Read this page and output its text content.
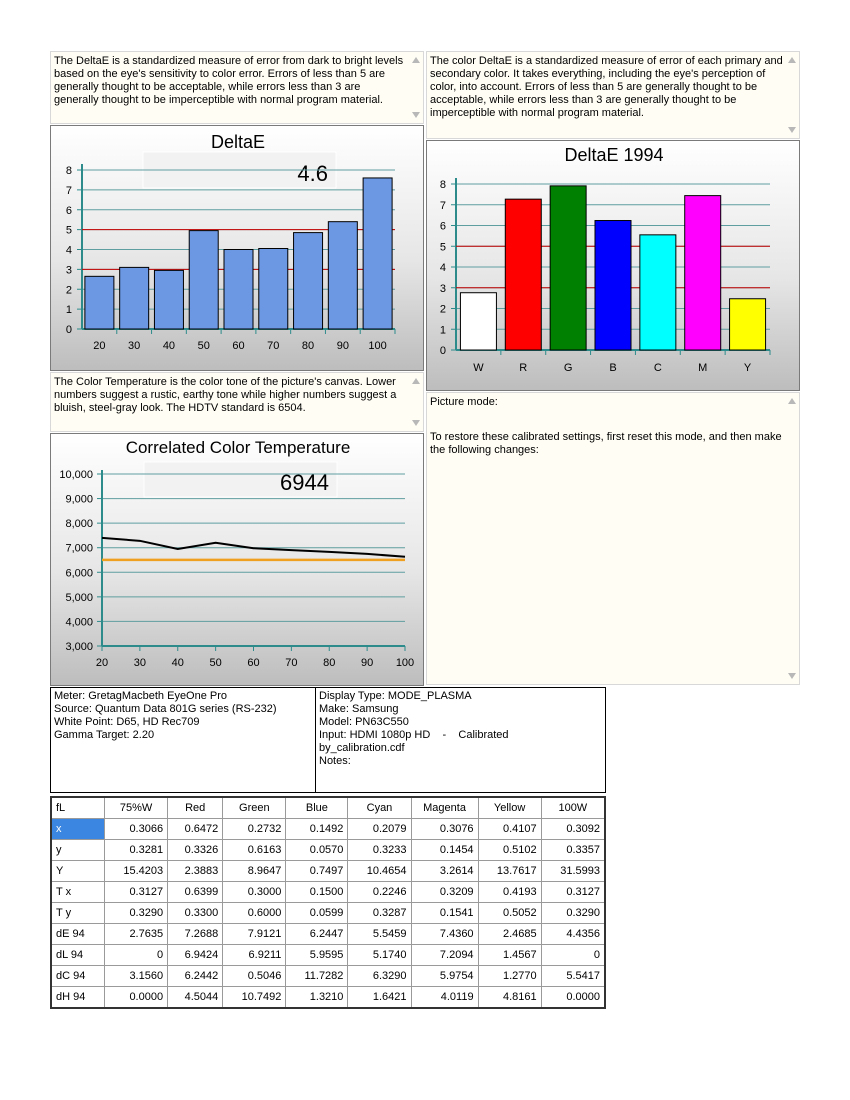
The DeltaE is a standardized measure of error from dark to bright levels based on the eye's sensitivity to color error. Errors of less than 5 are generally thought to be acceptable, while errors less than 3 are generally thought to be imperceptible with normal program material.
The color DeltaE is a standardized measure of error of each primary and secondary color. It takes everything, including the eye's perception of color, into account. Errors of less than 5 are generally thought to be acceptable, while errors less than 3 are generally thought to be imperceptible with normal program material.
The Color Temperature is the color tone of the picture's canvas. Lower numbers suggest a rustic, earthy tone while higher numbers suggest a bluish, steel-gray look. The HDTV standard is 6504.	Picture mode:
To restore these calibrated settings, first reset this mode, and then make the following changes:
DeltaE
4.6
0
1
2
3
4
5
6
7
8
20 30 40 50 60 70 80 90 100
DeltaE 1994
0
1
2
3
4
5
6
7
8
W	R	G	B	C	M	Y
Correlated Color Temperature
6944
3,000
4,000
5,000
6,000
7,000
8,000
9,000
10,000
20 30 40 50 60 70 80 90 100
Meter: GretagMacbeth EyeOne Pro
Source: Quantum Data 801G series (RS-232)
White Point: D65, HD Rec709
Gamma Target: 2.20
Display Type: MODE_PLASMA
Make: Samsung
Model: PN63C550
Input: HDMI 1080p HD    -    Calibrated
by_calibration.cdf
Notes:
fL	75%W	Red	Green	Blue	Cyan	Magenta	Yellow	100W
x	0.3066	0.6472	0.2732	0.1492	0.2079	0.3076	0.4107	0.3092
y	0.3281	0.3326	0.6163	0.0570	0.3233	0.1454	0.5102	0.3357
Y	15.4203	2.3883	8.9647	0.7497	10.4654	3.2614	13.7617	31.5993
T x	0.3127	0.6399	0.3000	0.1500	0.2246	0.3209	0.4193	0.3127
T y	0.3290	0.3300	0.6000	0.0599	0.3287	0.1541	0.5052	0.3290
dE 94	2.7635	7.2688	7.9121	6.2447	5.5459	7.4360	2.4685	4.4356
dL 94	0	6.9424	6.9211	5.9595	5.1740	7.2094	1.4567	0
dC 94	3.1560	6.2442	0.5046	11.7282	6.3290	5.9754	1.2770	5.5417
dH 94	0.0000	4.5044	10.7492	1.3210	1.6421	4.0119	4.8161	0.0000
